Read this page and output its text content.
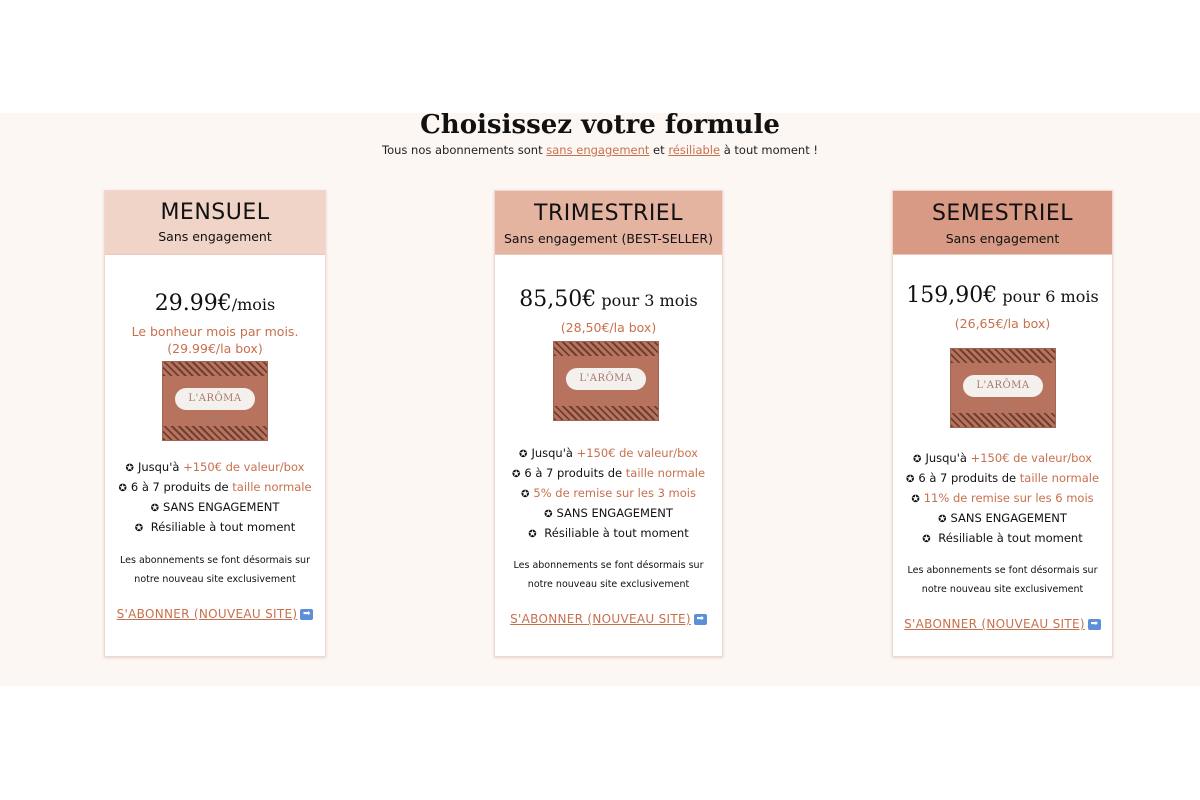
Choisissez votre formule

Tous nos abonnements sont sans engagement et résiliable à tout moment !

MENSUEL
Sans engagement
29.99€/mois
Le bonheur mois par mois.
(29.99€/la box)
L'ARÔMA BOX
✪ Jusqu'à +150€ de valeur/box
✪ 6 à 7 produits de taille normale
✪ SANS ENGAGEMENT
✪ Résiliable à tout moment
Les abonnements se font désormais sur
notre nouveau site exclusivement
S'ABONNER (NOUVEAU SITE) ➡
TRIMESTRIEL
Sans engagement (BEST-SELLER)
85,50€ pour 3 mois
(28,50€/la box)
L'ARÔMA BOX
✪ Jusqu'à +150€ de valeur/box
✪ 6 à 7 produits de taille normale
✪ 5% de remise sur les 3 mois
✪ SANS ENGAGEMENT
✪ Résiliable à tout moment
Les abonnements se font désormais sur
notre nouveau site exclusivement
S'ABONNER (NOUVEAU SITE) ➡
SEMESTRIEL
Sans engagement
159,90€ pour 6 mois
(26,65€/la box)
L'ARÔMA BOX
✪ Jusqu'à +150€ de valeur/box
✪ 6 à 7 produits de taille normale
✪ 11% de remise sur les 6 mois
✪ SANS ENGAGEMENT
✪ Résiliable à tout moment
Les abonnements se font désormais sur
notre nouveau site exclusivement
S'ABONNER (NOUVEAU SITE) ➡
